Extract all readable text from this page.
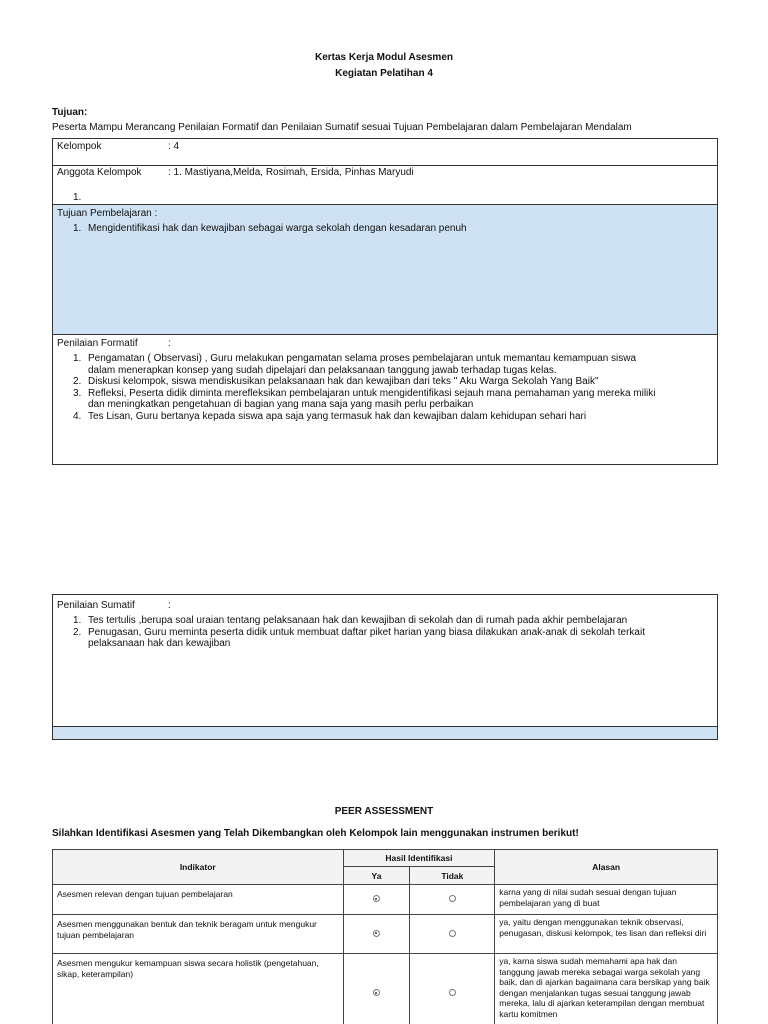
Kertas Kerja Modul Asesmen
Kegiatan Pelatihan 4
Tujuan:
Peserta Mampu Merancang Penilaian Formatif dan Penilaian Sumatif sesuai Tujuan Pembelajaran dalam Pembelajaran Mendalam
Kelompok	: 4
Anggota Kelompok	: 1. Mastiyana,Melda, Rosimah, Ersida, Pinhas Maryudi
1.
Tujuan Pembelajaran :
1. Mengidentifikasi hak dan kewajiban sebagai warga sekolah dengan kesadaran penuh
Penilaian Formatif	:
1. Pengamatan ( Observasi) , Guru melakukan pengamatan selama proses pembelajaran untuk memantau kemampuan siswa
dalam menerapkan konsep yang sudah dipelajari dan pelaksanaan tanggung jawab terhadap tugas kelas.
2. Diskusi kelompok, siswa mendiskusikan pelaksanaan hak dan kewajiban dari teks " Aku Warga Sekolah Yang Baik"
3. Refleksi, Peserta didik diminta merefleksikan pembelajaran untuk mengidentifikasi sejauh mana pemahaman yang mereka miliki
dan meningkatkan pengetahuan di bagian yang mana saja yang masih perlu perbaikan
4. Tes Lisan, Guru bertanya kepada siswa apa saja yang termasuk hak dan kewajiban dalam kehidupan sehari hari
Penilaian Sumatif	:
1. Tes tertulis ,berupa soal uraian tentang pelaksanaan hak dan kewajiban di sekolah dan di rumah pada akhir pembelajaran
2. Penugasan, Guru meminta peserta didik untuk membuat daftar piket harian yang biasa dilakukan anak-anak di sekolah terkait
pelaksanaan hak dan kewajiban
PEER ASSESSMENT
Silahkan Identifikasi Asesmen yang Telah Dikembangkan oleh Kelompok lain menggunakan instrumen berikut!
Indikator	Hasil Identifikasi		Alasan
	Ya	Tidak	
Asesmen relevan dengan tujuan pembelajaran			karna yang di nilai sudah sesuai dengan tujuan pembelajaran yang di buat
Asesmen menggunakan bentuk dan teknik beragam untuk mengukur tujuan pembelajaran			ya, yaitu dengan menggunakan teknik observasi, penugasan, diskusi kelompok, tes lisan dan refleksi diri
Asesmen mengukur kemampuan siswa secara holistik (pengetahuan, sikap, keterampilan)			ya, karna siswa sudah memahami apa hak dan tanggung jawab mereka sebagai warga sekolah yang baik, dan di ajarkan bagaimana cara bersikap yang baik dengan menjalankan tugas sesuai tanggung jawab mereka, lalu di ajarkan keterampilan dengan membuat kartu komitmen
